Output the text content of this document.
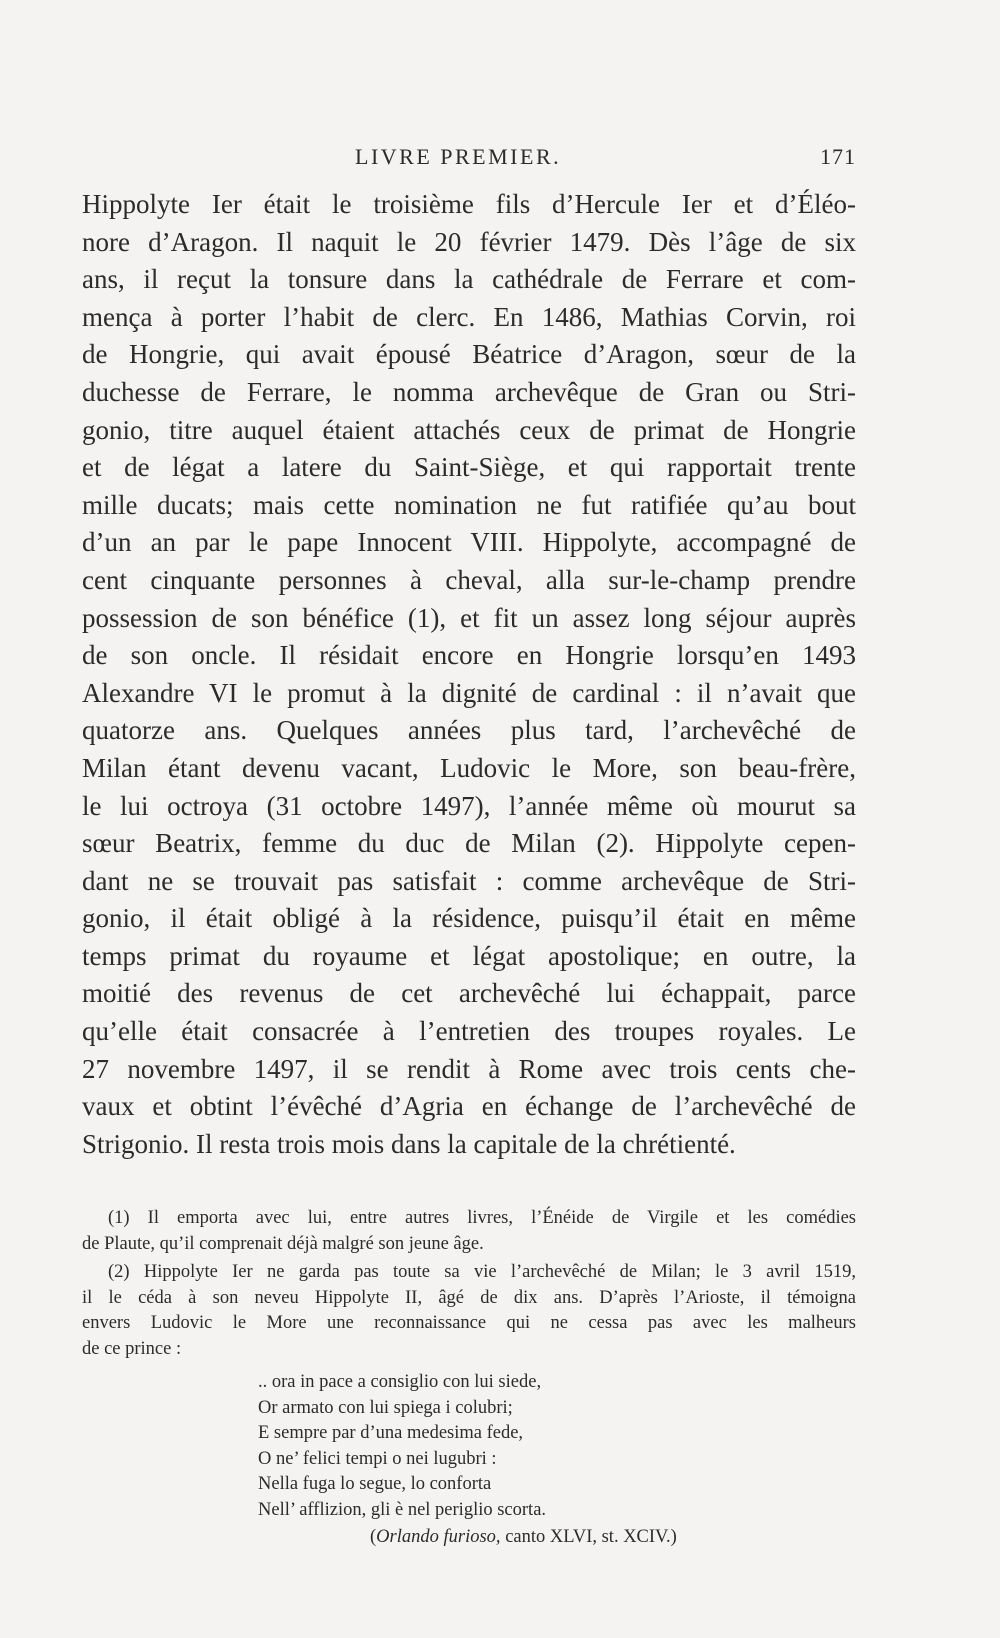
LIVRE PREMIER.	171
Hippolyte Ier était le troisième fils d’Hercule Ier et d’Éléo-
nore d’Aragon. Il naquit le 20 février 1479. Dès l’âge de six
ans, il reçut la tonsure dans la cathédrale de Ferrare et com-
mença à porter l’habit de clerc. En 1486, Mathias Corvin, roi
de Hongrie, qui avait épousé Béatrice d’Aragon, sœur de la
duchesse de Ferrare, le nomma archevêque de Gran ou Stri-
gonio, titre auquel étaient attachés ceux de primat de Hongrie
et de légat a latere du Saint-Siège, et qui rapportait trente
mille ducats; mais cette nomination ne fut ratifiée qu’au bout
d’un an par le pape Innocent VIII. Hippolyte, accompagné de
cent cinquante personnes à cheval, alla sur-le-champ prendre
possession de son bénéfice (1), et fit un assez long séjour auprès
de son oncle. Il résidait encore en Hongrie lorsqu’en 1493
Alexandre VI le promut à la dignité de cardinal : il n’avait que
quatorze ans. Quelques années plus tard, l’archevêché de
Milan étant devenu vacant, Ludovic le More, son beau-frère,
le lui octroya (31 octobre 1497), l’année même où mourut sa
sœur Beatrix, femme du duc de Milan (2). Hippolyte cepen-
dant ne se trouvait pas satisfait : comme archevêque de Stri-
gonio, il était obligé à la résidence, puisqu’il était en même
temps primat du royaume et légat apostolique; en outre, la
moitié des revenus de cet archevêché lui échappait, parce
qu’elle était consacrée à l’entretien des troupes royales. Le
27 novembre 1497, il se rendit à Rome avec trois cents che-
vaux et obtint l’évêché d’Agria en échange de l’archevêché de
Strigonio. Il resta trois mois dans la capitale de la chrétienté.
(1) Il emporta avec lui, entre autres livres, l’Énéide de Virgile et les comédies
de Plaute, qu’il comprenait déjà malgré son jeune âge.
(2) Hippolyte Ier ne garda pas toute sa vie l’archevêché de Milan; le 3 avril 1519,
il le céda à son neveu Hippolyte II, âgé de dix ans. D’après l’Arioste, il témoigna
envers Ludovic le More une reconnaissance qui ne cessa pas avec les malheurs
de ce prince :
.. ora in pace a consiglio con lui siede,
Or armato con lui spiega i colubri;
E sempre par d’una medesima fede,
O ne’ felici tempi o nei lugubri :
Nella fuga lo segue, lo conforta
Nell’ afflizion, gli è nel periglio scorta.
(Orlando furioso, canto XLVI, st. XCIV.)
